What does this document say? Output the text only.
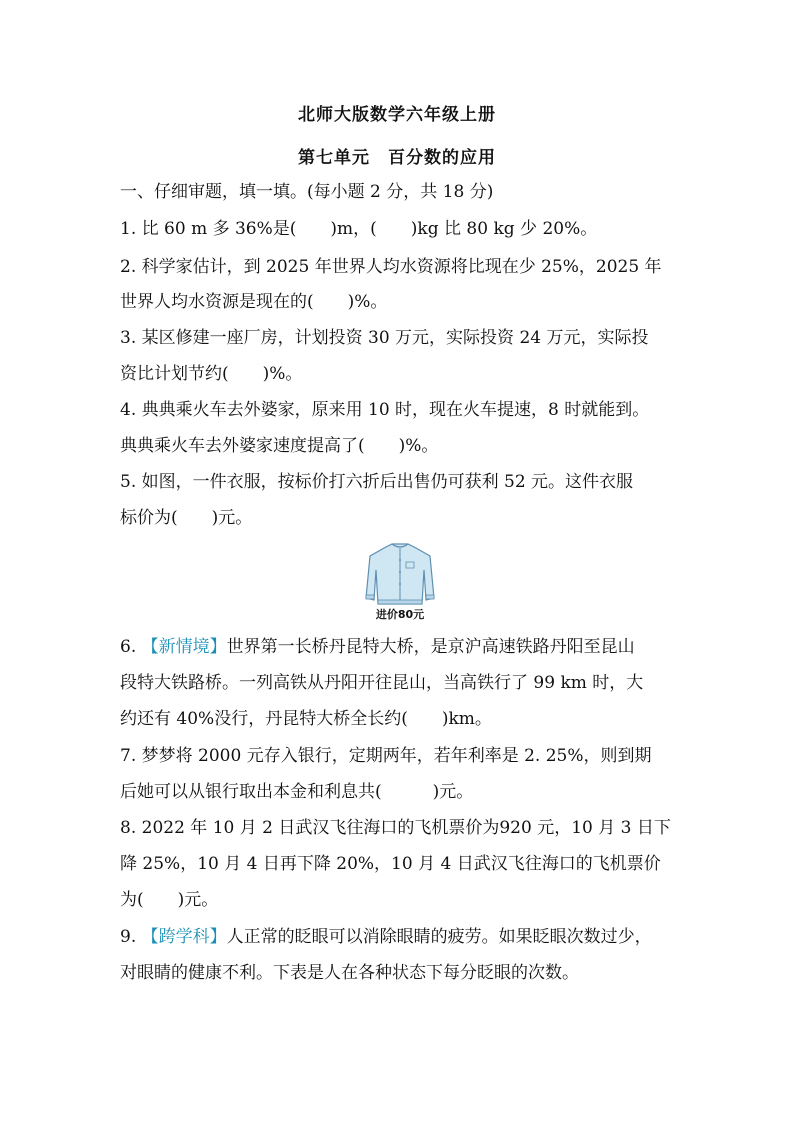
北师大版数学六年级上册
第七单元　百分数的应用
一、仔细审题，填一填。(每小题 2 分，共 18 分)
1. 比 60 m 多 36%是(　　)m，(　　)kg 比 80 kg 少 20%。
2. 科学家估计，到 2025 年世界人均水资源将比现在少 25%，2025 年
世界人均水资源是现在的(　　)%。
3. 某区修建一座厂房，计划投资 30 万元，实际投资 24 万元，实际投
资比计划节约(　　)%。
4. 典典乘火车去外婆家，原来用 10 时，现在火车提速，8 时就能到。
典典乘火车去外婆家速度提高了(　　)%。
5. 如图，一件衣服，按标价打六折后出售仍可获利 52 元。这件衣服
标价为(　　)元。
进价80元
6. 【新情境】世界第一长桥丹昆特大桥，是京沪高速铁路丹阳至昆山
段特大铁路桥。一列高铁从丹阳开往昆山，当高铁行了 99 km 时，大
约还有 40%没行，丹昆特大桥全长约(　　)km。
7. 梦梦将 2000 元存入银行，定期两年，若年利率是 2. 25%，则到期
后她可以从银行取出本金和利息共(　　　)元。
8. 2022 年 10 月 2 日武汉飞往海口的飞机票价为920 元，10 月 3 日下
降 25%，10 月 4 日再下降 20%，10 月 4 日武汉飞往海口的飞机票价
为(　　)元。
9. 【跨学科】人正常的眨眼可以消除眼睛的疲劳。如果眨眼次数过少，
对眼睛的健康不利。下表是人在各种状态下每分眨眼的次数。
